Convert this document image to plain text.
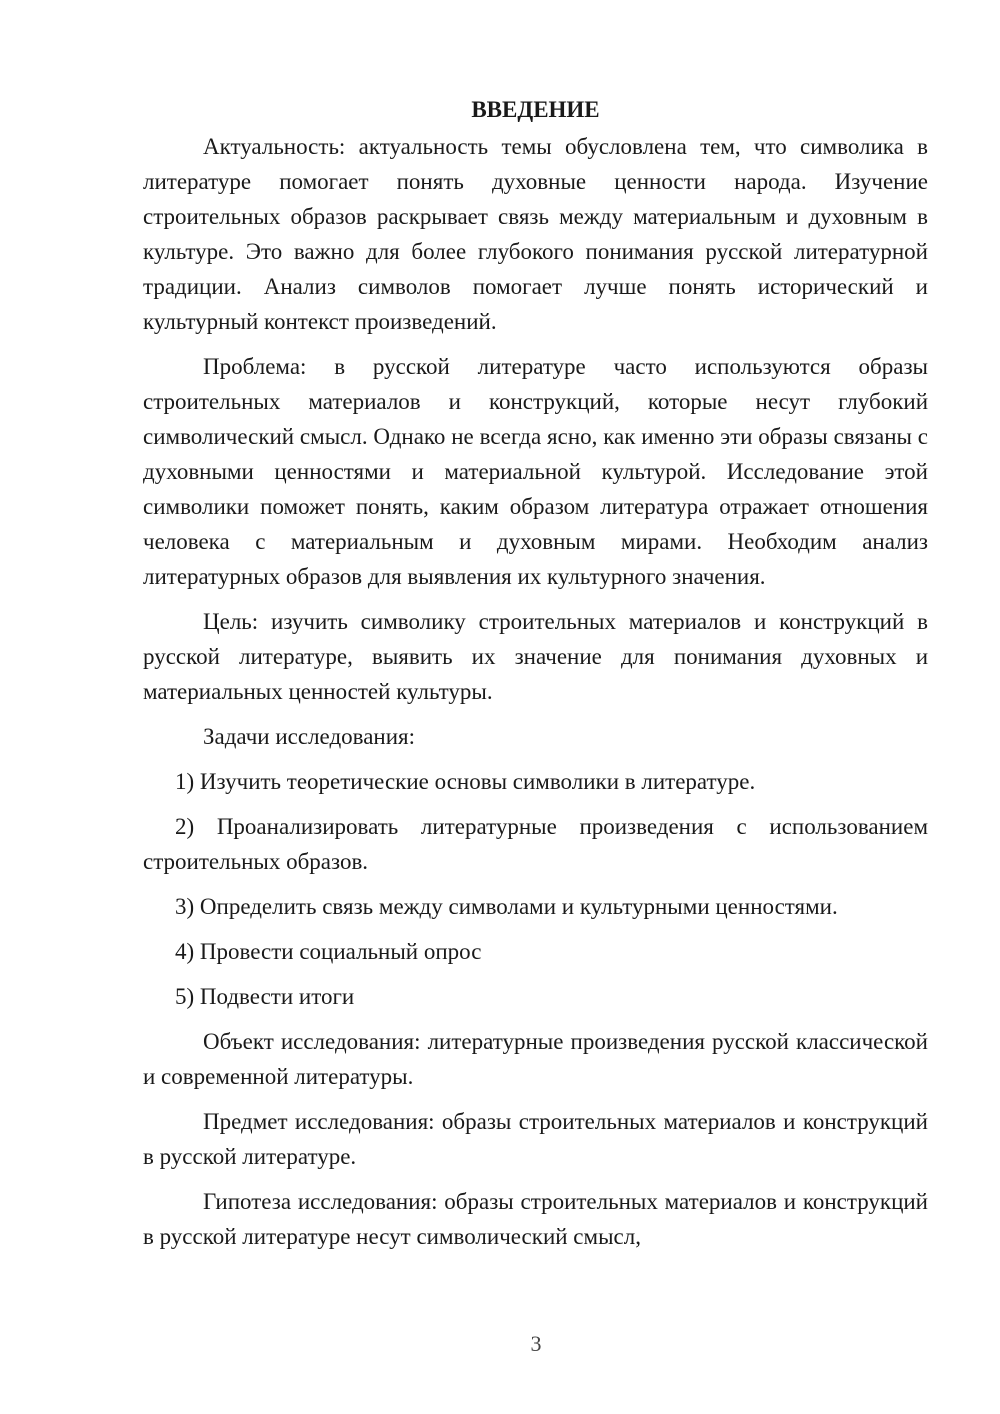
ВВЕДЕНИЕ

Актуальность: актуальность темы обусловлена тем, что символика в литературе помогает понять духовные ценности народа. Изучение строительных образов раскрывает связь между материальным и духовным в культуре. Это важно для более глубокого понимания русской литературной традиции. Анализ символов помогает лучше понять исторический и культурный контекст произведений.

Проблема: в русской литературе часто используются образы строительных материалов и конструкций, которые несут глубокий символический смысл. Однако не всегда ясно, как именно эти образы связаны с духовными ценностями и материальной культурой. Исследование этой символики поможет понять, каким образом литература отражает отношения человека с материальным и духовным мирами. Необходим анализ литературных образов для выявления их культурного значения.

Цель: изучить символику строительных материалов и конструкций в русской литературе, выявить их значение для понимания духовных и материальных ценностей культуры.

Задачи исследования:

1) Изучить теоретические основы символики в литературе.

2) Проанализировать литературные произведения с использованием строительных образов.

3) Определить связь между символами и культурными ценностями.

4) Провести социальный опрос

5) Подвести итоги

Объект исследования: литературные произведения русской классической и современной литературы.

Предмет исследования: образы строительных материалов и конструкций в русской литературе.

Гипотеза исследования: образы строительных материалов и конструкций в русской литературе несут символический смысл,

3
